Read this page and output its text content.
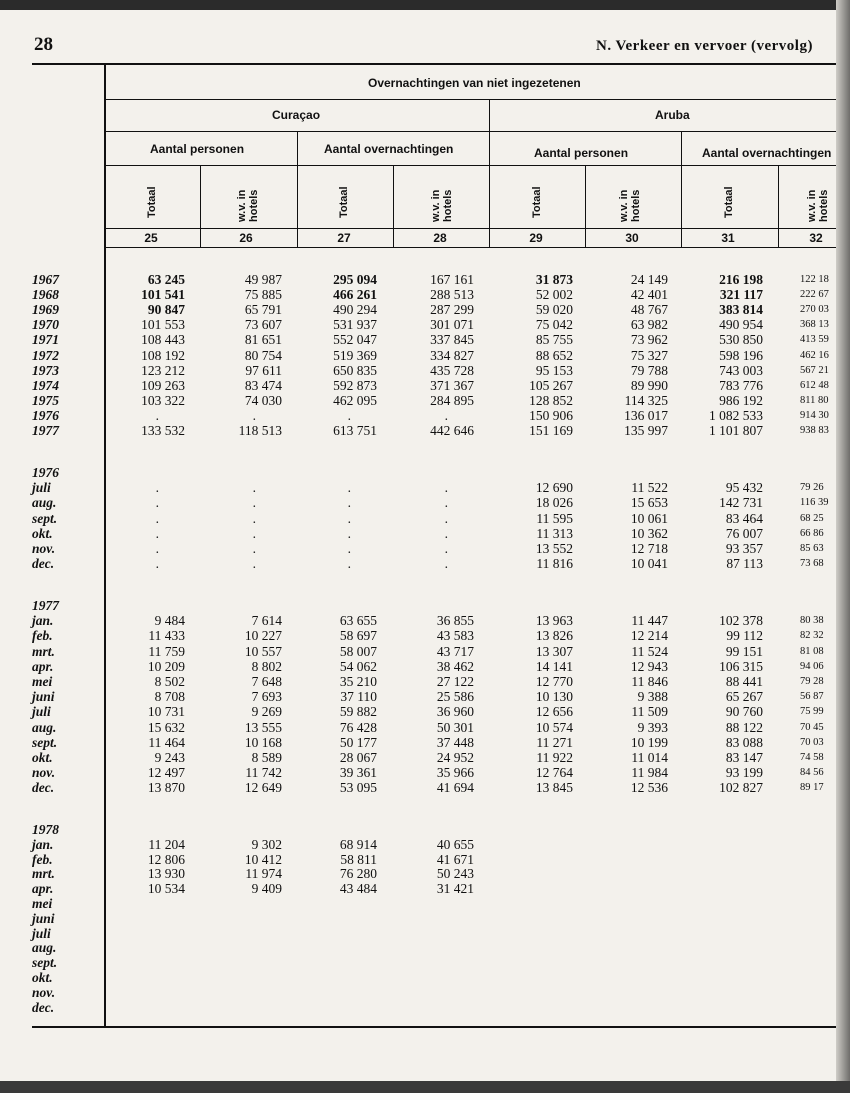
28	N. Verkeer en vervoer (vervolg)
Overnachtingen van niet ingezetenen
Curaçao	Aruba
Aantal personen	Aantal overnachtingen	Aantal personen	Aantal overnachtingen
Totaal	w.v. in hotels	Totaal	w.v. in hotels	Totaal	w.v. in hotels	Totaal	w.v. in hotels
25	26	27	28	29	30	31	32
1967	63 245	49 987	295 094	167 161	31 873	24 149	216 198	122 18
1968	101 541	75 885	466 261	288 513	52 002	42 401	321 117	222 67
1969	90 847	65 791	490 294	287 299	59 020	48 767	383 814	270 03
1970	101 553	73 607	531 937	301 071	75 042	63 982	490 954	368 13
1971	108 443	81 651	552 047	337 845	85 755	73 962	530 850	413 59
1972	108 192	80 754	519 369	334 827	88 652	75 327	598 196	462 16
1973	123 212	97 611	650 835	435 728	95 153	79 788	743 003	567 21
1974	109 263	83 474	592 873	371 367	105 267	89 990	783 776	612 48
1975	103 322	74 030	462 095	284 895	128 852	114 325	986 192	811 80
1976	.	.	.	.	150 906	136 017	1 082 533	914 30
1977	133 532	118 513	613 751	442 646	151 169	135 997	1 101 807	938 83
1976
juli	.	.	.	.	12 690	11 522	95 432	79 26
aug.	.	.	.	.	18 026	15 653	142 731	116 39
sept.	.	.	.	.	11 595	10 061	83 464	68 25
okt.	.	.	.	.	11 313	10 362	76 007	66 86
nov.	.	.	.	.	13 552	12 718	93 357	85 63
dec.	.	.	.	.	11 816	10 041	87 113	73 68
1977
jan.	9 484	7 614	63 655	36 855	13 963	11 447	102 378	80 38
feb.	11 433	10 227	58 697	43 583	13 826	12 214	99 112	82 32
mrt.	11 759	10 557	58 007	43 717	13 307	11 524	99 151	81 08
apr.	10 209	8 802	54 062	38 462	14 141	12 943	106 315	94 06
mei	8 502	7 648	35 210	27 122	12 770	11 846	88 441	79 28
juni	8 708	7 693	37 110	25 586	10 130	9 388	65 267	56 87
juli	10 731	9 269	59 882	36 960	12 656	11 509	90 760	75 99
aug.	15 632	13 555	76 428	50 301	10 574	9 393	88 122	70 45
sept.	11 464	10 168	50 177	37 448	11 271	10 199	83 088	70 03
okt.	9 243	8 589	28 067	24 952	11 922	11 014	83 147	74 58
nov.	12 497	11 742	39 361	35 966	12 764	11 984	93 199	84 56
dec.	13 870	12 649	53 095	41 694	13 845	12 536	102 827	89 17
1978
jan.	11 204	9 302	68 914	40 655
feb.	12 806	10 412	58 811	41 671
mrt.	13 930	11 974	76 280	50 243
apr.	10 534	9 409	43 484	31 421
mei
juni
juli
aug.
sept.
okt.
nov.
dec.
